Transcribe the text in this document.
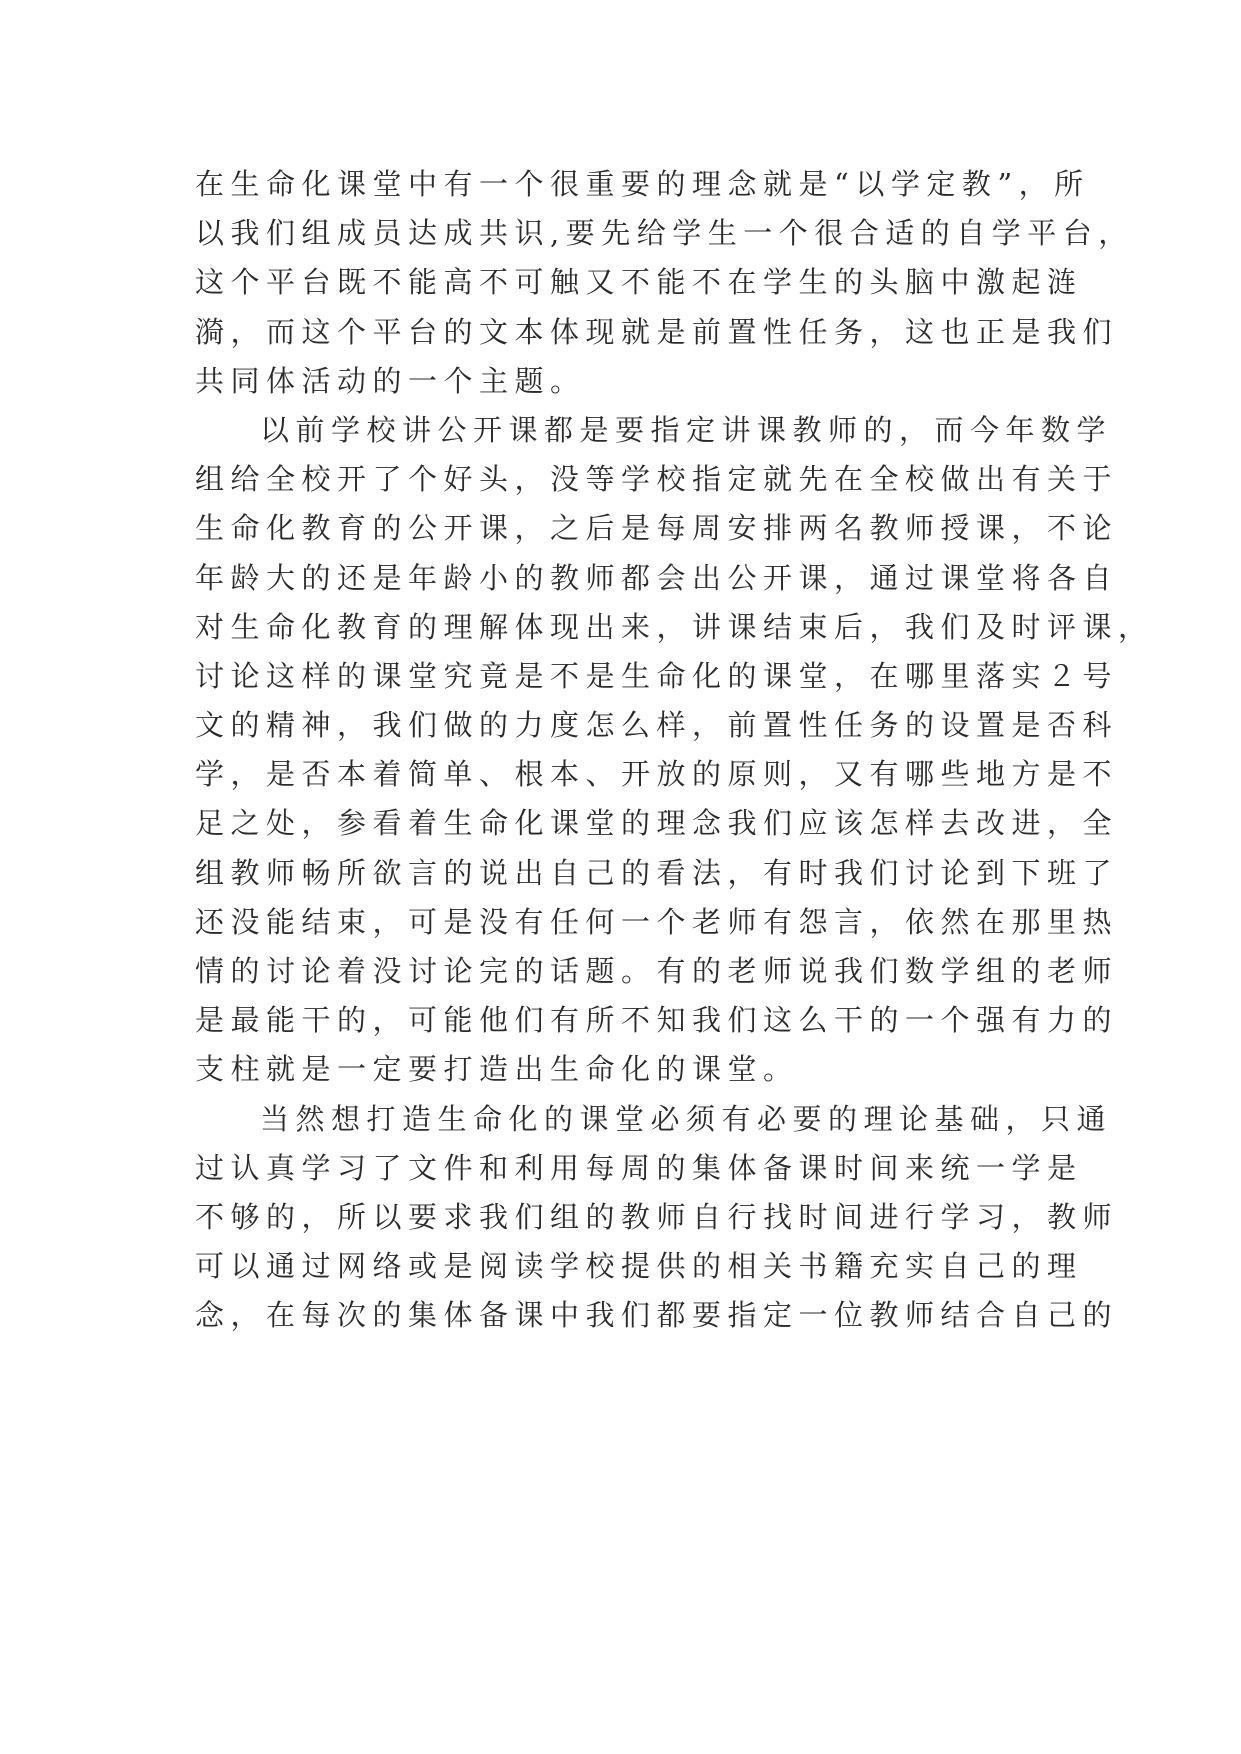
在生命化课堂中有一个很重要的理念就是“以学定教”，所
以我们组成员达成共识,要先给学生一个很合适的自学平台，
这个平台既不能高不可触又不能不在学生的头脑中激起涟
漪，而这个平台的文本体现就是前置性任务，这也正是我们
共同体活动的一个主题。
以前学校讲公开课都是要指定讲课教师的，而今年数学
组给全校开了个好头，没等学校指定就先在全校做出有关于
生命化教育的公开课，之后是每周安排两名教师授课，不论
年龄大的还是年龄小的教师都会出公开课，通过课堂将各自
对生命化教育的理解体现出来，讲课结束后，我们及时评课，
讨论这样的课堂究竟是不是生命化的课堂，在哪里落实２号
文的精神，我们做的力度怎么样，前置性任务的设置是否科
学，是否本着简单、根本、开放的原则，又有哪些地方是不
足之处，参看着生命化课堂的理念我们应该怎样去改进，全
组教师畅所欲言的说出自己的看法，有时我们讨论到下班了
还没能结束，可是没有任何一个老师有怨言，依然在那里热
情的讨论着没讨论完的话题。有的老师说我们数学组的老师
是最能干的，可能他们有所不知我们这么干的一个强有力的
支柱就是一定要打造出生命化的课堂。
当然想打造生命化的课堂必须有必要的理论基础，只通
过认真学习了文件和利用每周的集体备课时间来统一学是
不够的，所以要求我们组的教师自行找时间进行学习，教师
可以通过网络或是阅读学校提供的相关书籍充实自己的理
念，在每次的集体备课中我们都要指定一位教师结合自己的
